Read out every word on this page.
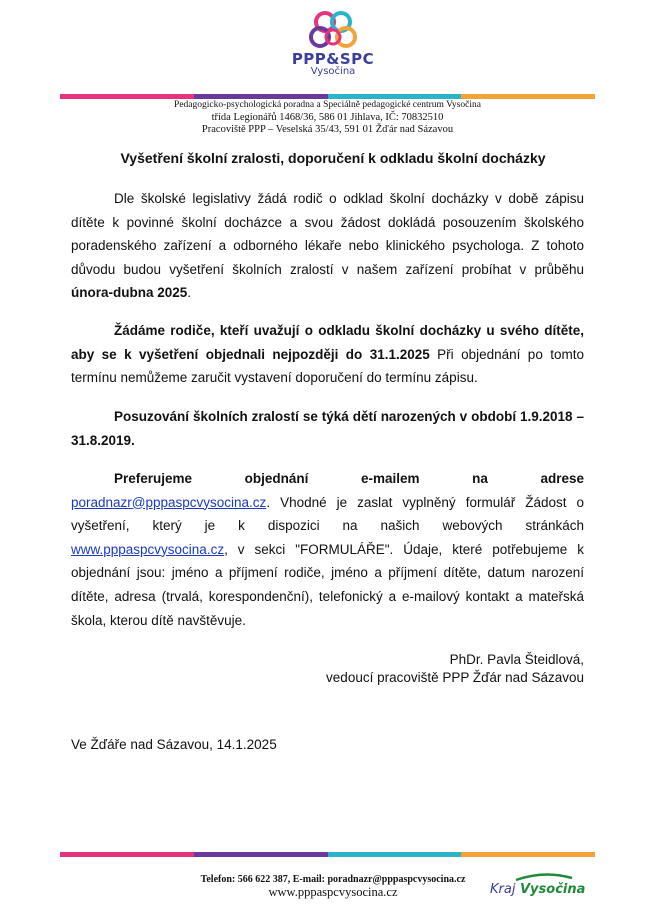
PPP&SPC
Vysočina
Pedagogicko-psychologická poradna a Speciálně pedagogické centrum Vysočina
třída Legionářů 1468/36, 586 01 Jihlava, IČ: 70832510
Pracoviště PPP – Veselská 35/43, 591 01 Žďár nad Sázavou
Vyšetření školní zralosti, doporučení k odkladu školní docházky
Dle školské legislativy žádá rodič o odklad školní docházky v době zápisu dítěte k povinné školní docházce a svou žádost dokládá posouzením školského poradenského zařízení a odborného lékaře nebo klinického psychologa. Z tohoto důvodu budou vyšetření školních zralostí v našem zařízení probíhat v průběhu února-dubna 2025.
Žádáme rodiče, kteří uvažují o odkladu školní docházky u svého dítěte, aby se k vyšetření objednali nejpozději do 31.1.2025 Při objednání po tomto termínu nemůžeme zaručit vystavení doporučení do termínu zápisu.
Posuzování školních zralostí se týká dětí narozených v období 1.9.2018 – 31.8.2019.
Preferujeme objednání e-mailem na adrese poradnazr@pppaspcvysocina.cz. Vhodné je zaslat vyplněný formulář Žádost o vyšetření, který je k dispozici na našich webových stránkách www.pppaspcvysocina.cz, v sekci "FORMULÁŘE". Údaje, které potřebujeme k objednání jsou: jméno a příjmení rodiče, jméno a příjmení dítěte, datum narození dítěte, adresa (trvalá, korespondenční), telefonický a e-mailový kontakt a mateřská škola, kterou dítě navštěvuje.
PhDr. Pavla Šteidlová,
vedoucí pracoviště PPP Žďár nad Sázavou
Ve Žďáře nad Sázavou, 14.1.2025
Telefon: 566 622 387, E-mail: poradnazr@pppaspcvysocina.cz
www.pppaspcvysocina.cz	Kraj Vysočina
